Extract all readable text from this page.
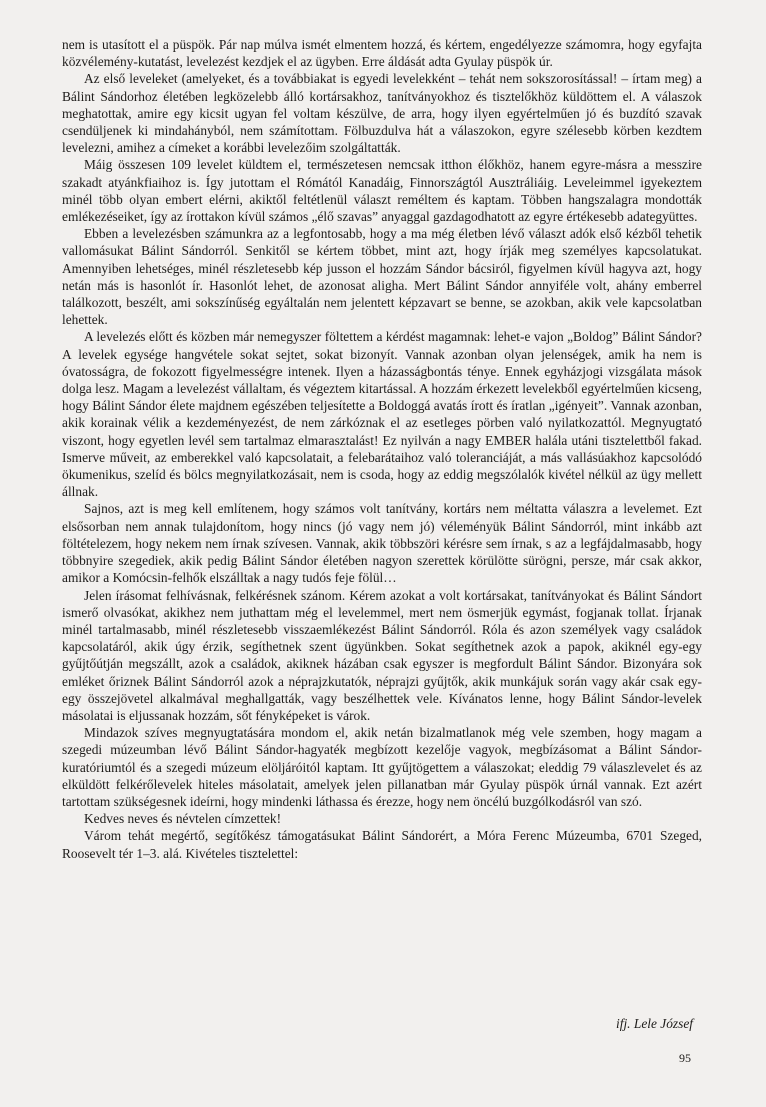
nem is utasított el a püspök. Pár nap múlva ismét elmentem hozzá, és kértem, engedélyezze számomra, hogy egyfajta közvélemény-kutatást, levelezést kezdjek el az ügyben. Erre áldását adta Gyulay püspök úr.

Az első leveleket (amelyeket, és a továbbiakat is egyedi levelekként – tehát nem sokszorosítással! – írtam meg) a Bálint Sándorhoz életében legközelebb álló kortársakhoz, tanítványokhoz és tisztelőkhöz küldöttem el. A válaszok meghatottak, amire egy kicsit ugyan fel voltam készülve, de arra, hogy ilyen egyértelműen jó és buzdító szavak csendüljenek ki mindahányból, nem számítottam. Fölbuzdulva hát a válaszokon, egyre szélesebb körben kezdtem levelezni, amihez a címeket a korábbi levelezőim szolgáltatták.

Máig összesen 109 levelet küldtem el, természetesen nemcsak itthon élőkhöz, hanem egyre-másra a messzire szakadt atyánkfiaihoz is. Így jutottam el Rómától Kanadáig, Finnországtól Ausztráliáig. Leveleimmel igyekeztem minél több olyan embert elérni, akiktől feltétlenül választ reméltem és kaptam. Többen hangszalagra mondották emlékezéseiket, így az írottakon kívül számos „élő szavas” anyaggal gazdagodhatott az egyre értékesebb adategyüttes.

Ebben a levelezésben számunkra az a legfontosabb, hogy a ma még életben lévő választ adók első kézből tehetik vallomásukat Bálint Sándorról. Senkitől se kértem többet, mint azt, hogy írják meg személyes kapcsolatukat. Amennyiben lehetséges, minél részletesebb kép jusson el hozzám Sándor bácsiról, figyelmen kívül hagyva azt, hogy netán más is hasonlót ír. Hasonlót lehet, de azonosat aligha. Mert Bálint Sándor annyiféle volt, ahány emberrel találkozott, beszélt, ami sokszínűség egyáltalán nem jelentett képzavart se benne, se azokban, akik vele kapcsolatban lehettek.

A levelezés előtt és közben már nemegyszer föltettem a kérdést magamnak: lehet-e vajon „Boldog” Bálint Sándor? A levelek egysége hangvétele sokat sejtet, sokat bizonyít. Vannak azonban olyan jelenségek, amik ha nem is óvatosságra, de fokozott figyelmességre intenek. Ilyen a házasságbontás ténye. Ennek egyházjogi vizsgálata mások dolga lesz. Magam a levelezést vállaltam, és végeztem kitartással. A hozzám érkezett levelekből egyértelműen kicseng, hogy Bálint Sándor élete majdnem egészében teljesítette a Boldoggá avatás írott és íratlan „igényeit”. Vannak azonban, akik korainak vélik a kezdeményezést, de nem zárkóznak el az esetleges pörben való nyilatkozattól. Megnyugtató viszont, hogy egyetlen levél sem tartalmaz elmarasztalást! Ez nyilván a nagy EMBER halála utáni tisztelettből fakad. Ismerve műveit, az emberekkel való kapcsolatait, a felebarátaihoz való toleranciáját, a más vallásúakhoz kapcsolódó ökumenikus, szelíd és bölcs megnyilatkozásait, nem is csoda, hogy az eddig megszólalók kivétel nélkül az ügy mellett állnak.

Sajnos, azt is meg kell említenem, hogy számos volt tanítvány, kortárs nem méltatta válaszra a levelemet. Ezt elsősorban nem annak tulajdonítom, hogy nincs (jó vagy nem jó) véleményük Bálint Sándorról, mint inkább azt föltételezem, hogy nekem nem írnak szívesen. Vannak, akik többszöri kérésre sem írnak, s az a legfájdalmasabb, hogy többnyire szegediek, akik pedig Bálint Sándor életében nagyon szerettek körülötte sürögni, persze, már csak akkor, amikor a Komócsin-felhők elszálltak a nagy tudós feje fölül…

Jelen írásomat felhívásnak, felkérésnek szánom. Kérem azokat a volt kortársakat, tanítványokat és Bálint Sándort ismerő olvasókat, akikhez nem juthattam még el levelemmel, mert nem ösmerjük egymást, fogjanak tollat. Írjanak minél tartalmasabb, minél részletesebb visszaemlékezést Bálint Sándorról. Róla és azon személyek vagy családok kapcsolatáról, akik úgy érzik, segíthetnek szent ügyünkben. Sokat segíthetnek azok a papok, akiknél egy-egy gyűjtőútján megszállt, azok a családok, akiknek házában csak egyszer is megfordult Bálint Sándor. Bizonyára sok emléket őriznek Bálint Sándorról azok a néprajzkutatók, néprajzi gyűjtők, akik munkájuk során vagy akár csak egy-egy összejövetel alkalmával meghallgatták, vagy beszélhettek vele. Kívánatos lenne, hogy Bálint Sándor-levelek másolatai is eljussanak hozzám, sőt fényképeket is várok.

Mindazok szíves megnyugtatására mondom el, akik netán bizalmatlanok még vele szemben, hogy magam a szegedi múzeumban lévő Bálint Sándor-hagyaték megbízott kezelője vagyok, megbízásomat a Bálint Sándor-kuratóriumtól és a szegedi múzeum elöljáróitól kaptam. Itt gyűjtögettem a válaszokat; eleddig 79 válaszlevelet és az elküldött felkérőlevelek hiteles másolatait, amelyek jelen pillanatban már Gyulay püspök úrnál vannak. Ezt azért tartottam szükségesnek ideírni, hogy mindenki láthassa és érezze, hogy nem öncélú buzgólkodásról van szó.

Kedves neves és névtelen címzettek!

Várom tehát megértő, segítőkész támogatásukat Bálint Sándorért, a Móra Ferenc Múzeumba, 6701 Szeged, Roosevelt tér 1–3. alá. Kivételes tisztelettel:

ifj. Lele József
95
